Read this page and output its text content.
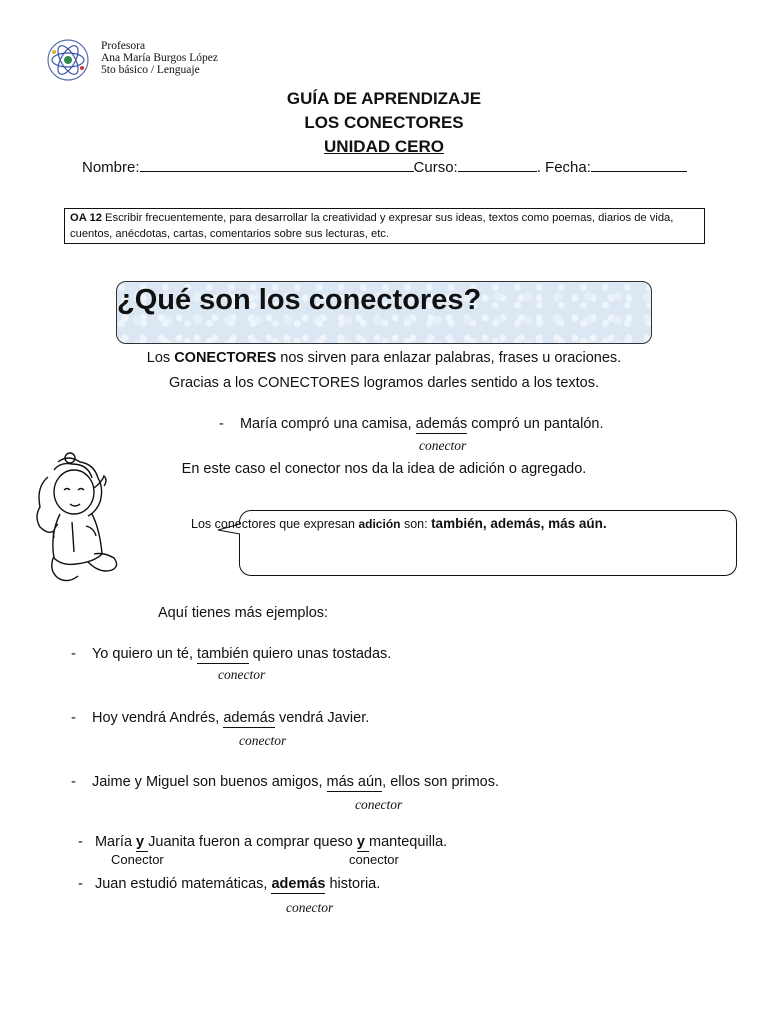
Profesora
Ana María Burgos López
5to básico / Lenguaje
GUÍA DE APRENDIZAJE
LOS CONECTORES
UNIDAD CERO
Nombre:	Curso:	. Fecha:
OA 12 Escribir frecuentemente, para desarrollar la creatividad y expresar sus ideas, textos como poemas, diarios de vida, cuentos, anécdotas, cartas, comentarios sobre sus lecturas, etc.
¿Qué son los conectores?
Los CONECTORES nos sirven para enlazar palabras, frases u oraciones.
Gracias a los CONECTORES logramos darles sentido a los textos.
- María compró una camisa, además compró un pantalón.
conector
En este caso el conector nos da la idea de adición o agregado.
Los conectores que expresan adición son: también, además, más aún.
Aquí tienes más ejemplos:
- Yo quiero un té, también quiero unas tostadas.
conector
- Hoy vendrá Andrés, además vendrá Javier.
conector
- Jaime y Miguel son buenos amigos, más aún, ellos son primos.
conector
- María y Juanita fueron a comprar queso y mantequilla.
Conector	conector
- Juan estudió matemáticas, además historia.
conector
